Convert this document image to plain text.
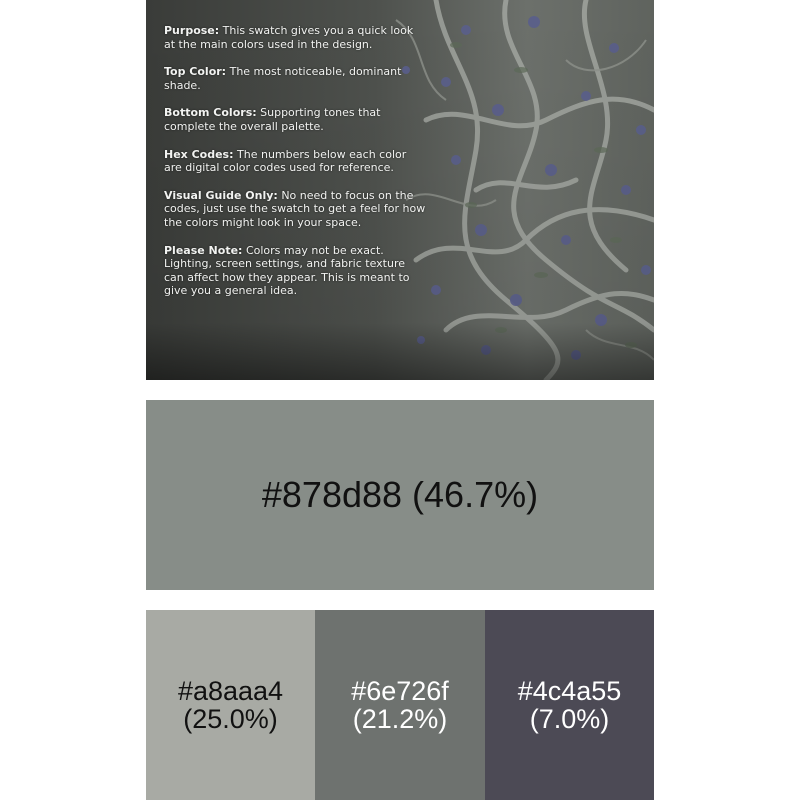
Purpose: This swatch gives you a quick look at the main colors used in the design.

Top Color: The most noticeable, dominant shade.

Bottom Colors: Supporting tones that complete the overall palette.

Hex Codes: The numbers below each color are digital color codes used for reference.

Visual Guide Only: No need to focus on the codes, just use the swatch to get a feel for how the colors might look in your space.

Please Note: Colors may not be exact. Lighting, screen settings, and fabric texture can affect how they appear. This is meant to give you a general idea.

#878d88 (46.7%)
#a8aaa4
(25.0%)
#6e726f
(21.2%)
#4c4a55
(7.0%)
